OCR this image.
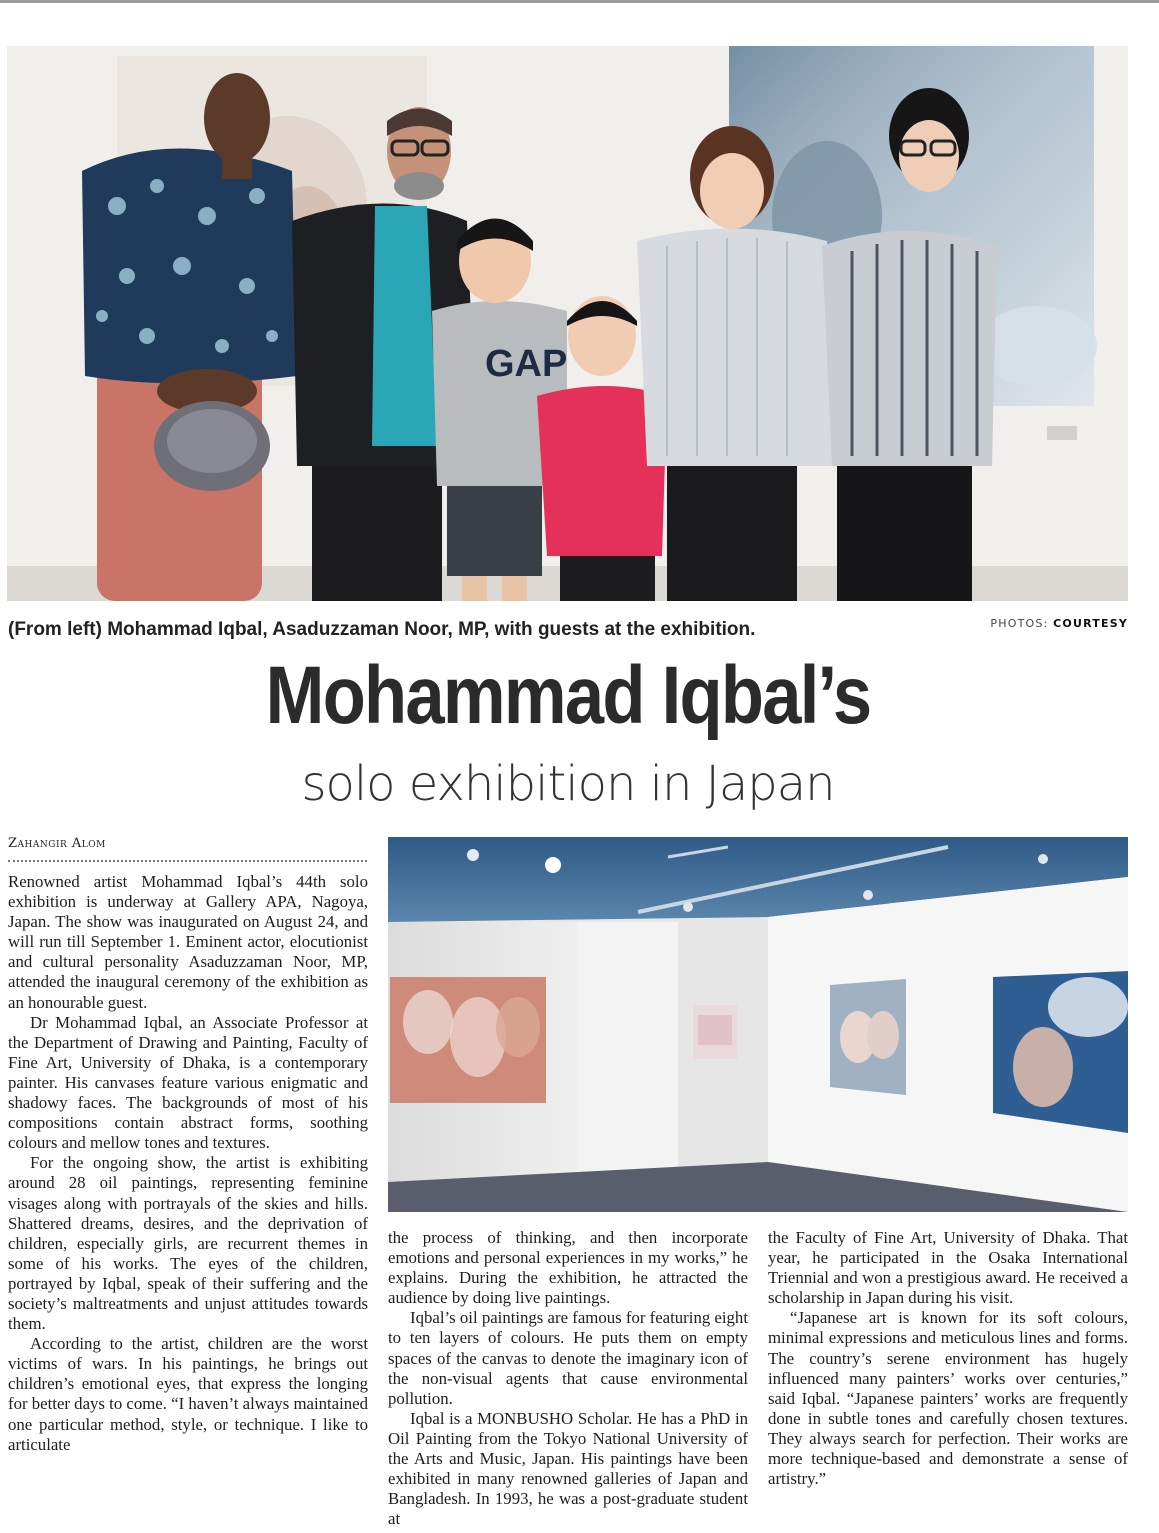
GAP
(From left) Mohammad Iqbal, Asaduzzaman Noor, MP, with guests at the exhibition.	PHOTOS: COURTESY
Mohammad Iqbal’s
solo exhibition in Japan
Zahangir Alom

Renowned artist Mohammad Iqbal’s 44th solo exhibition is underway at Gallery APA, Nagoya, Japan. The show was inaugurated on August 24, and will run till September 1. Eminent actor, elocutionist and cultural personality Asaduzzaman Noor, MP, attended the inaugural ceremony of the exhibition as an honourable guest.

Dr Mohammad Iqbal, an Associate Professor at the Department of Drawing and Painting, Faculty of Fine Art, University of Dhaka, is a contemporary painter. His canvases feature various enigmatic and shadowy faces. The backgrounds of most of his compositions contain abstract forms, soothing colours and mellow tones and textures.

For the ongoing show, the artist is exhibiting around 28 oil paintings, representing feminine visages along with portrayals of the skies and hills. Shattered dreams, desires, and the deprivation of children, especially girls, are recurrent themes in some of his works. The eyes of the children, portrayed by Iqbal, speak of their suffering and the society’s maltreatments and unjust attitudes towards them.

According to the artist, children are the worst victims of wars. In his paintings, he brings out children’s emotional eyes, that express the longing for better days to come. “I haven’t always maintained one particular method, style, or technique. I like to articulate

the process of thinking, and then incorporate emotions and personal experiences in my works,” he explains. During the exhibition, he attracted the audience by doing live paintings.

Iqbal’s oil paintings are famous for featuring eight to ten layers of colours. He puts them on empty spaces of the canvas to denote the imaginary icon of the non-visual agents that cause environmental pollution.

Iqbal is a MONBUSHO Scholar. He has a PhD in Oil Painting from the Tokyo National University of the Arts and Music, Japan. His paintings have been exhibited in many renowned galleries of Japan and Bangladesh. In 1993, he was a post-graduate student at

the Faculty of Fine Art, University of Dhaka. That year, he participated in the Osaka International Triennial and won a prestigious award. He received a scholarship in Japan during his visit.

“Japanese art is known for its soft colours, minimal expressions and meticulous lines and forms. The country’s serene environment has hugely influenced many painters’ works over centuries,” said Iqbal. “Japanese painters’ works are frequently done in subtle tones and carefully chosen textures. They always search for perfection. Their works are more technique-based and demonstrate a sense of artistry.”
